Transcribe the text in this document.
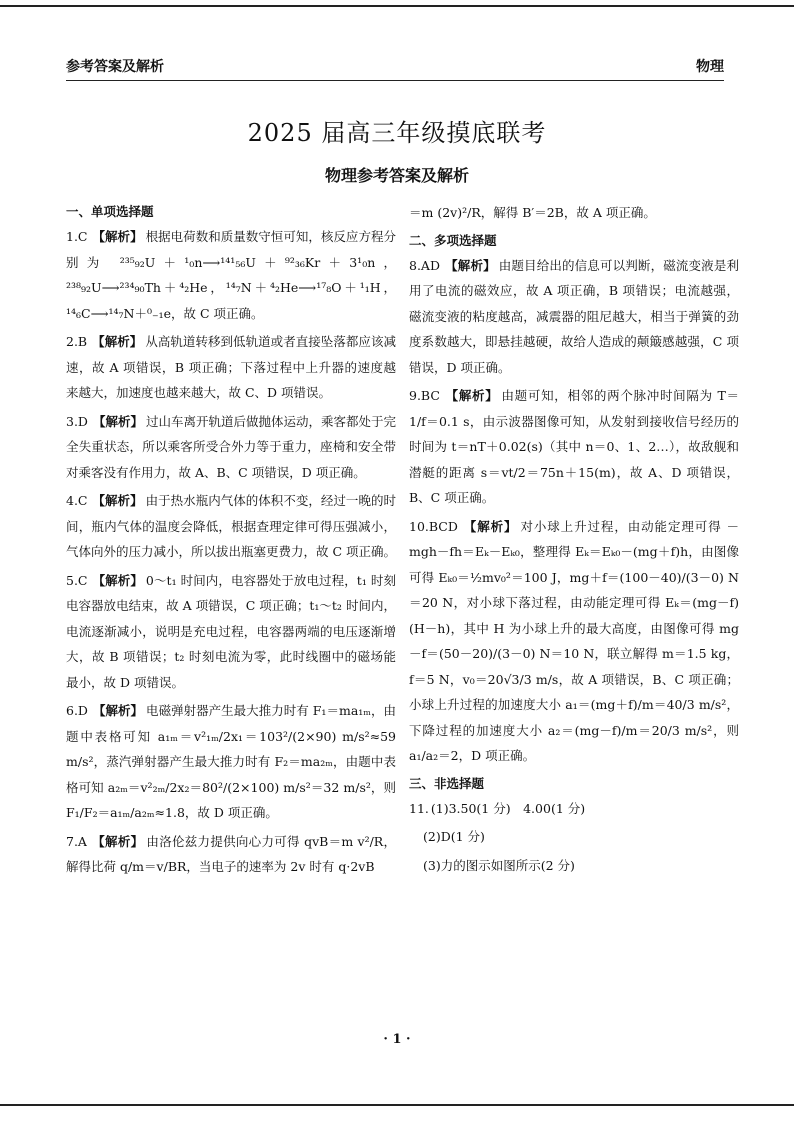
参考答案及解析	物理
2025 届高三年级摸底联考
物理参考答案及解析
一、单项选择题
1.C 【解析】 根据电荷数和质量数守恒可知，核反应方程分别为 ²³⁵₉₂U＋¹₀n⟶¹⁴¹₅₆U＋⁹²₃₆Kr＋3¹₀n，²³⁸₉₂U⟶²³⁴₉₀Th＋⁴₂He，¹⁴₇N＋⁴₂He⟶¹⁷₈O＋¹₁H，¹⁴₆C⟶¹⁴₇N＋⁰₋₁e，故 C 项正确。
2.B 【解析】 从高轨道转移到低轨道或者直接坠落都应该减速，故 A 项错误，B 项正确；下落过程中上升器的速度越来越大，加速度也越来越大，故 C、D 项错误。
3.D 【解析】 过山车离开轨道后做抛体运动，乘客都处于完全失重状态，所以乘客所受合外力等于重力，座椅和安全带对乘客没有作用力，故 A、B、C 项错误，D 项正确。
4.C 【解析】 由于热水瓶内气体的体积不变，经过一晚的时间，瓶内气体的温度会降低，根据查理定律可得压强减小，气体向外的压力减小，所以拔出瓶塞更费力，故 C 项正确。
5.C 【解析】 0～t₁ 时间内，电容器处于放电过程，t₁ 时刻电容器放电结束，故 A 项错误，C 项正确；t₁～t₂ 时间内，电流逐渐减小，说明是充电过程，电容器两端的电压逐渐增大，故 B 项错误；t₂ 时刻电流为零，此时线圈中的磁场能最小，故 D 项错误。
6.D 【解析】 电磁弹射器产生最大推力时有 F₁＝ma₁ₘ，由题中表格可知 a₁ₘ＝v²₁ₘ/2x₁＝103²/(2×90) m/s²≈59 m/s²，蒸汽弹射器产生最大推力时有 F₂＝ma₂ₘ，由题中表格可知 a₂ₘ＝v²₂ₘ/2x₂＝80²/(2×100) m/s²＝32 m/s²，则 F₁/F₂＝a₁ₘ/a₂ₘ≈1.8，故 D 项正确。
7.A 【解析】 由洛伦兹力提供向心力可得 qvB＝m v²/R，解得比荷 q/m＝v/BR，当电子的速率为 2v 时有 q·2vB
＝m (2v)²/R，解得 B′＝2B，故 A 项正确。
二、多项选择题
8.AD 【解析】 由题目给出的信息可以判断，磁流变液是利用了电流的磁效应，故 A 项正确，B 项错误；电流越强，磁流变液的粘度越高，减震器的阻尼越大，相当于弹簧的劲度系数越大，即悬挂越硬，故给人造成的颠簸感越强，C 项错误，D 项正确。
9.BC 【解析】 由题可知，相邻的两个脉冲时间隔为 T＝1/f＝0.1 s，由示波器图像可知，从发射到接收信号经历的时间为 t＝nT＋0.02(s)（其中 n＝0、1、2…），故敌舰和潜艇的距离 s＝vt/2＝75n＋15(m)，故 A、D 项错误，B、C 项正确。
10.BCD 【解析】 对小球上升过程，由动能定理可得 －mgh－fh＝Eₖ－Eₖ₀，整理得 Eₖ＝Eₖ₀－(mg＋f)h，由图像可得 Eₖ₀＝½mv₀²＝100 J，mg＋f＝(100－40)/(3－0) N＝20 N，对小球下落过程，由动能定理可得 Eₖ＝(mg－f)(H－h)，其中 H 为小球上升的最大高度，由图像可得 mg－f＝(50－20)/(3－0) N＝10 N，联立解得 m＝1.5 kg，f＝5 N，v₀＝20√3/3 m/s，故 A 项错误，B、C 项正确；小球上升过程的加速度大小 a₁＝(mg＋f)/m＝40/3 m/s²，下降过程的加速度大小 a₂＝(mg－f)/m＝20/3 m/s²，则 a₁/a₂＝2，D 项正确。
三、非选择题
11. (1)3.50(1 分)　4.00(1 分)
(2)D(1 分)
(3)力的图示如图所示(2 分)
· 1 ·
